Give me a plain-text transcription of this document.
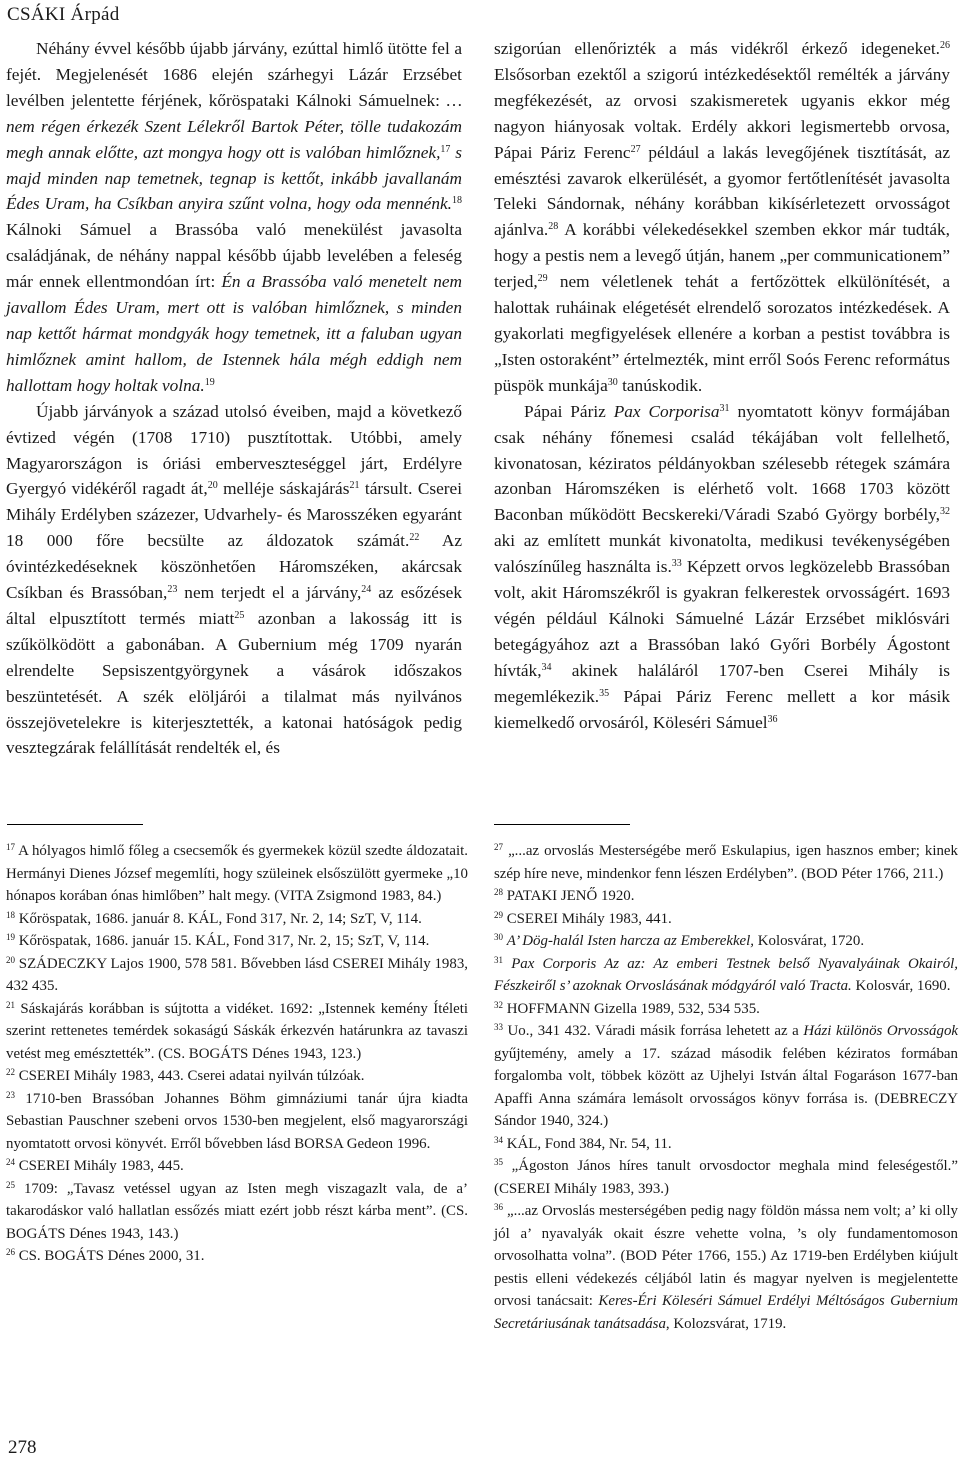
CSÁKI Árpád

Néhány évvel később újabb járvány, ezúttal himlő ütötte fel a fejét. Megjelenését 1686 elején szárhegyi Lázár Erzsébet levélben jelentette férjének, kőröspataki Kálnoki Sámuelnek: …nem régen érkezék Szent Lélekről Bartok Péter, tölle tudakozám megh annak előtte, azt mongya hogy ott is valóban himlőznek,$^{17}$ s majd minden nap temetnek, tegnap is kettőt, inkább javallanám Édes Uram, ha Csíkban anyira szűnt volna, hogy oda mennénk.$^{18}$ Kálnoki Sámuel a Brassóba való menekülést javasolta családjának, de néhány nappal később újabb levelében a feleség már ennek ellentmondóan írt: Én a Brassóba való menetelt nem javallom Édes Uram, mert ott is valóban himlőznek, s minden nap kettőt hármat mondgyák hogy temetnek, itt a faluban ugyan himlőznek amint hallom, de Istennek hála mégh eddigh nem hallottam hogy holtak volna.$^{19}$

Újabb járványok a század utolsó éveiben, majd a következő évtized végén (1708 1710) pusztítottak. Utóbbi, amely Magyarországon is óriási emberveszteséggel járt, Erdélyre Gyergyó vidékéről ragadt át,$^{20}$ melléje sáskajárás$^{21}$ társult. Cserei Mihály Erdélyben százezer, Udvarhely- és Marosszéken egyaránt 18 000 főre becsülte az áldozatok számát.$^{22}$ Az óvintézkedéseknek köszönhetően Háromszéken, akárcsak Csíkban és Brassóban,$^{23}$ nem terjedt el a járvány,$^{24}$ az esőzések által elpusztított termés miatt$^{25}$ azonban a lakosság itt is szűkölködött a gabonában. A Gubernium még 1709 nyarán elrendelte Sepsiszentgyörgynek a vásárok időszakos beszüntetését. A szék elöljárói a tilalmat más nyilvános összejövetelekre is kiterjesztették, a katonai hatóságok pedig vesztegzárak felállítását rendelték el, és

szigorúan ellenőrizték a más vidékről érkező idegeneket.$^{26}$ Elsősorban ezektől a szigorú intézkedésektől remélték a járvány megfékezését, az orvosi szakismeretek ugyanis ekkor még nagyon hiányosak voltak. Erdély akkori legismertebb orvosa, Pápai Páriz Ferenc$^{27}$ például a lakás levegőjének tisztítását, az emésztési zavarok elkerülését, a gyomor fertőtlenítését javasolta Teleki Sándornak, néhány korábban kikísérletezett orvosságot ajánlva.$^{28}$ A korábbi vélekedésekkel szemben ekkor már tudták, hogy a pestis nem a levegő útján, hanem „per communicationem” terjed,$^{29}$ nem véletlenek tehát a fertőzöttek elkülönítését, a halottak ruháinak elégetését elrendelő sorozatos intézkedések. A gyakorlati megfigyelések ellenére a korban a pestist továbbra is „Isten ostoraként” értelmezték, mint erről Soós Ferenc református püspök munkája$^{30}$ tanúskodik.

Pápai Páriz Pax Corporisa$^{31}$ nyomtatott könyv formájában csak néhány főnemesi család tékájában volt fellelhető, kivonatosan, kéziratos példányokban szélesebb rétegek számára azonban Háromszéken is elérhető volt. 1668 1703 között Baconban működött Becskereki/Váradi Szabó György borbély,$^{32}$ aki az említett munkát kivonatolta, medikusi tevékenységében valószínűleg használta is.$^{33}$ Képzett orvos legközelebb Brassóban volt, akit Háromszékről is gyakran felkerestek orvosságért. 1693 végén például Kálnoki Sámuelné Lázár Erzsébet miklósvári betegágyához azt a Brassóban lakó Győri Borbély Ágostont hívták,$^{34}$ akinek haláláról 1707-ben Cserei Mihály is megemlékezik.$^{35}$ Pápai Páriz Ferenc mellett a kor másik kiemelkedő orvosáról, Köleséri Sámuel$^{36}$

$^{17}$ A hólyagos himlő főleg a csecsemők és gyermekek közül szedte áldozatait. Hermányi Dienes József megemlíti, hogy szüleinek elsőszülött gyermeke „10 hónapos korában ónas himlőben” halt megy. (VITA Zsigmond 1983, 84.)

$^{18}$ Kőröspatak, 1686. január 8. KÁL, Fond 317, Nr. 2, 14; SzT, V, 114.

$^{19}$ Kőröspatak, 1686. január 15. KÁL, Fond 317, Nr. 2, 15; SzT, V, 114.

$^{20}$ SZÁDECZKY Lajos 1900, 578 581. Bővebben lásd CSEREI Mihály 1983, 432 435.

$^{21}$ Sáskajárás korábban is sújtotta a vidéket. 1692: „Istennek kemény Ítéleti szerint rettenetes temérdek sokaságú Sáskák érkezvén határunkra az tavaszi vetést meg emésztették”. (CS. BOGÁTS Dénes 1943, 123.)

$^{22}$ CSEREI Mihály 1983, 443. Cserei adatai nyilván túlzóak.

$^{23}$ 1710-ben Brassóban Johannes Böhm gimnáziumi tanár újra kiadta Sebastian Pauschner szebeni orvos 1530-ben megjelent, első magyarországi nyomtatott orvosi könyvét. Erről bővebben lásd BORSA Gedeon 1996.

$^{24}$ CSEREI Mihály 1983, 445.

$^{25}$ 1709: „Tavasz vetéssel ugyan az Isten megh viszagazlt vala, de a’ takarodáskor való hallatlan essőzés miatt ezért jobb részt kárba ment”. (CS. BOGÁTS Dénes 1943, 143.)

$^{26}$ CS. BOGÁTS Dénes 2000, 31.

$^{27}$ „...az orvoslás Mesterségébe merő Eskulapius, igen hasznos ember; kinek szép híre neve, mindenkor fenn lészen Erdélyben”. (BOD Péter 1766, 211.)

$^{28}$ PATAKI JENŐ 1920.

$^{29}$ CSEREI Mihály 1983, 441.

$^{30}$ A’ Dög-halál Isten harcza az Emberekkel, Kolosvárat, 1720.

$^{31}$ Pax Corporis Az az: Az emberi Testnek belső Nyavalyáinak Okairól, Fészkeiről s’ azoknak Orvoslásának módgyáról való Tracta. Kolosvár, 1690.

$^{32}$ HOFFMANN Gizella 1989, 532, 534 535.

$^{33}$ Uo., 341 432. Váradi másik forrása lehetett az a Házi különös Orvosságok gyűjtemény, amely a 17. század második felében kéziratos formában forgalomba volt, többek között az Ujhelyi István által Fogaráson 1677-ban Apaffi Anna számára lemásolt orvosságos könyv forrása is. (DEBRECZY Sándor 1940, 324.)

$^{34}$ KÁL, Fond 384, Nr. 54, 11.

$^{35}$ „Ágoston János híres tanult orvosdoctor meghala mind feleségestől.” (CSEREI Mihály 1983, 393.)

$^{36}$ „...az Orvoslás mesterségében pedig nagy földön mássa nem volt; a’ ki olly jól a’ nyavalyák okait észre vehette volna, ’s oly fundamentomoson orvosolhatta volna”. (BOD Péter 1766, 155.) Az 1719-ben Erdélyben kiújult pestis elleni védekezés céljából latin és magyar nyelven is megjelentette orvosi tanácsait: Keres-Éri Köleséri Sámuel Erdélyi Méltóságos Gubernium Secretáriusának tanátsadása, Kolozsvárat, 1719.

278
